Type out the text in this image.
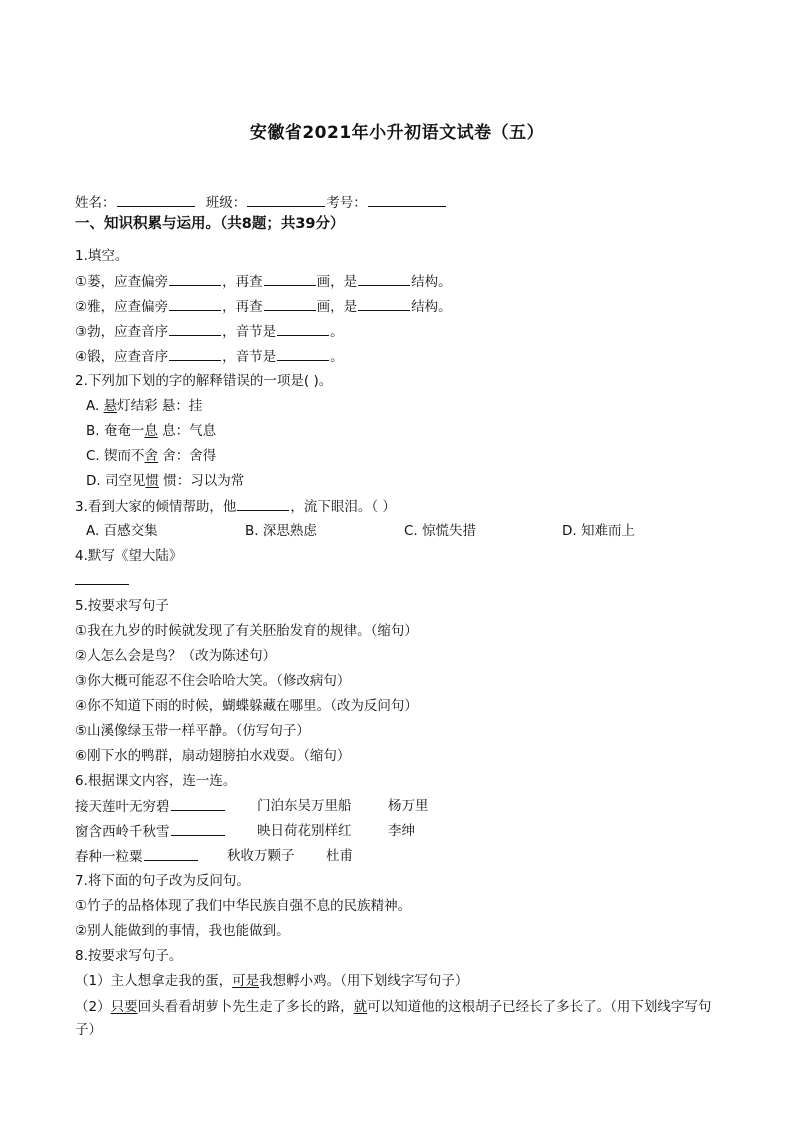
安徽省2021年小升初语文试卷（五）
姓名：	班级：	考号：
一、知识积累与运用。（共8题；共39分）
1.填空。
①蒌，应查偏旁	，再查	画，是	结构。
②雅，应查偏旁	，再查	画，是	结构。
③勃，应查音序	，音节是	。
④锻，应查音序	，音节是	。
2.下列加下划的字的解释错误的一项是( )。
A. 悬灯结彩 悬：挂
B. 奄奄一息 息：气息
C. 锲而不舍 舍：舍得
D. 司空见惯 惯：习以为常
3.看到大家的倾情帮助，他	，流下眼泪。（ ）
A. 百感交集	B. 深思熟虑	C. 惊慌失措	D. 知难而上
4.默写《望大陆》
5.按要求写句子
①我在九岁的时候就发现了有关胚胎发育的规律。（缩句）
②人怎么会是鸟？（改为陈述句）
③你大概可能忍不住会哈哈大笑。（修改病句）
④你不知道下雨的时候，蝴蝶躲藏在哪里。（改为反问句）
⑤山溪像绿玉带一样平静。（仿写句子）
⑥刚下水的鸭群，扇动翅膀拍水戏耍。（缩句）
6.根据课文内容，连一连。
接天莲叶无穷碧	门泊东吴万里船	杨万里
窗含西岭千秋雪	映日荷花别样红	李绅
春种一粒粟	秋收万颗子 杜甫
7.将下面的句子改为反问句。
①竹子的品格体现了我们中华民族自强不息的民族精神。
②别人能做到的事情，我也能做到。
8.按要求写句子。
（1）主人想拿走我的蛋，可是我想孵小鸡。（用下划线字写句子）
（2）只要回头看看胡萝卜先生走了多长的路，就可以知道他的这根胡子已经长了多长了。（用下划线字写句子）
